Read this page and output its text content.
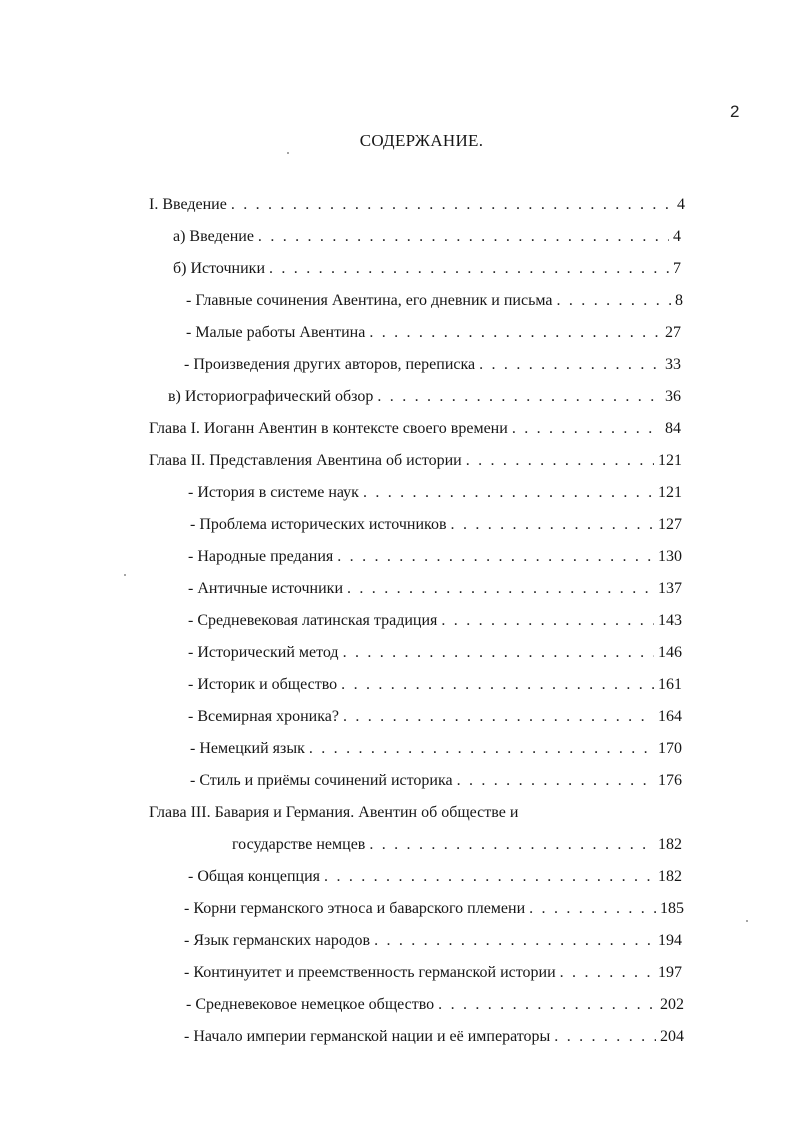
2
СОДЕРЖАНИЕ.
I. Введение . . .	4
а) Введение . . .	4
б) Источники . . .	7
- Главные сочинения Авентина, его дневник и письма . . .	8
- Малые работы Авентина . . .	27
- Произведения других авторов, переписка . . .	33
в) Историографический обзор . . .	36
Глава I. Иоганн Авентин в контексте своего времени . . .	84
Глава II. Представления Авентина об истории . . .	121
- История в системе наук . . .	121
- Проблема исторических источников . . .	127
- Народные предания . . .	130
- Античные источники . . .	137
- Средневековая латинская традиция . . .	143
- Исторический метод . . .	146
- Историк и общество . . .	161
- Всемирная хроника? . . .	164
- Немецкий язык . . .	170
- Стиль и приёмы сочинений историка . . .	176
Глава III. Бавария и Германия. Авентин об обществе и
государстве немцев . . .	182
- Общая концепция . . .	182
- Корни германского этноса и баварского племени . . .	185
- Язык германских народов . . .	194
- Континуитет и преемственность германской истории . . .	197
- Средневековое немецкое общество . . .	202
- Начало империи германской нации и её императоры . . .	204
